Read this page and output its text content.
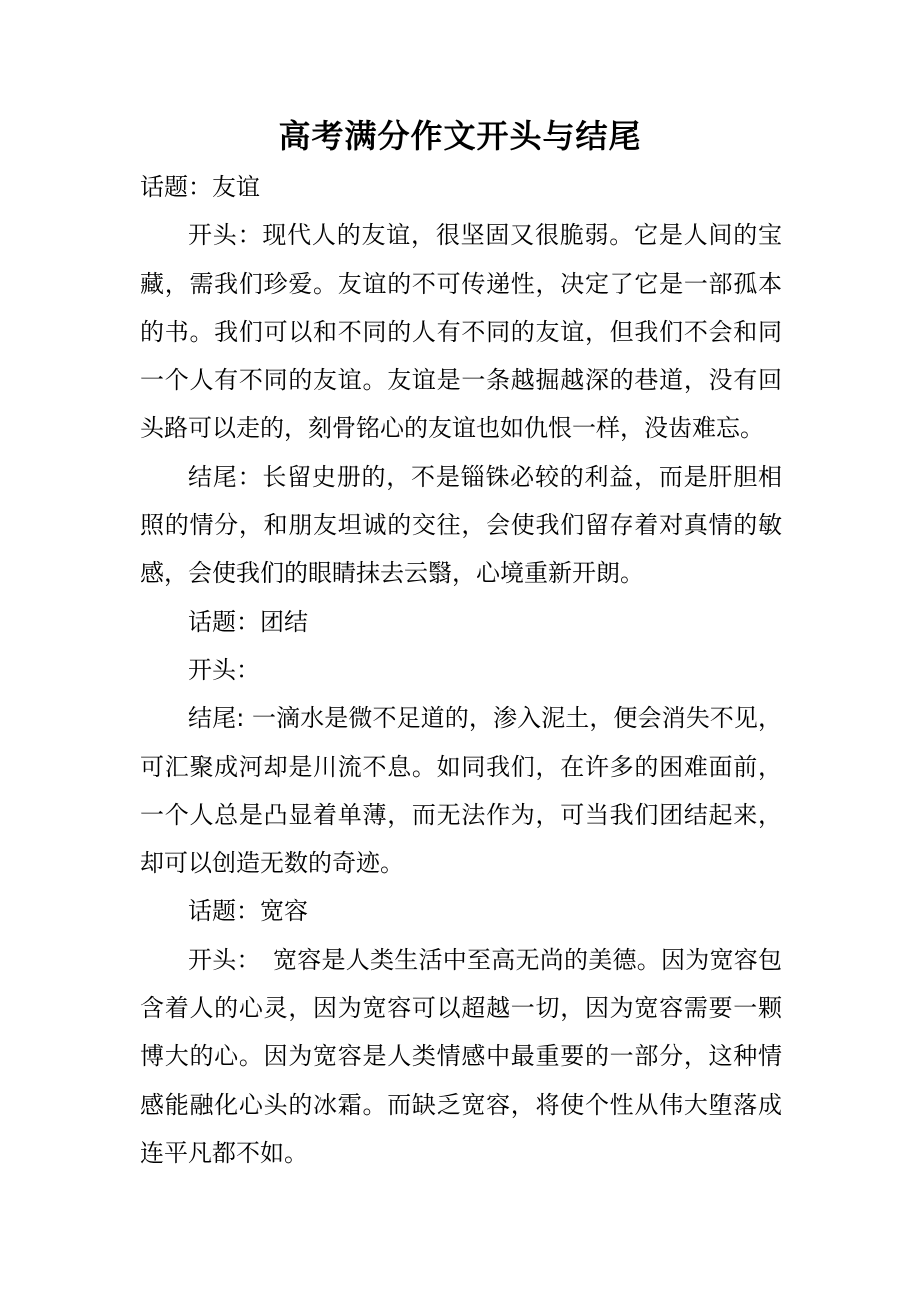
高考满分作文开头与结尾

话题：友谊

开头：现代人的友谊，很坚固又很脆弱。它是人间的宝藏，需我们珍爱。友谊的不可传递性，决定了它是一部孤本的书。我们可以和不同的人有不同的友谊，但我们不会和同一个人有不同的友谊。友谊是一条越掘越深的巷道，没有回头路可以走的，刻骨铭心的友谊也如仇恨一样，没齿难忘。

结尾：长留史册的，不是锱铢必较的利益，而是肝胆相照的情分，和朋友坦诚的交往，会使我们留存着对真情的敏感，会使我们的眼睛抹去云翳，心境重新开朗。

话题：团结

开头：

结尾: 一滴水是微不足道的，渗入泥土，便会消失不见，可汇聚成河却是川流不息。如同我们，在许多的困难面前，一个人总是凸显着单薄，而无法作为，可当我们团结起来，却可以创造无数的奇迹。

话题：宽容

开头：　宽容是人类生活中至高无尚的美德。因为宽容包含着人的心灵，因为宽容可以超越一切，因为宽容需要一颗博大的心。因为宽容是人类情感中最重要的一部分，这种情感能融化心头的冰霜。而缺乏宽容，将使个性从伟大堕落成连平凡都不如。
